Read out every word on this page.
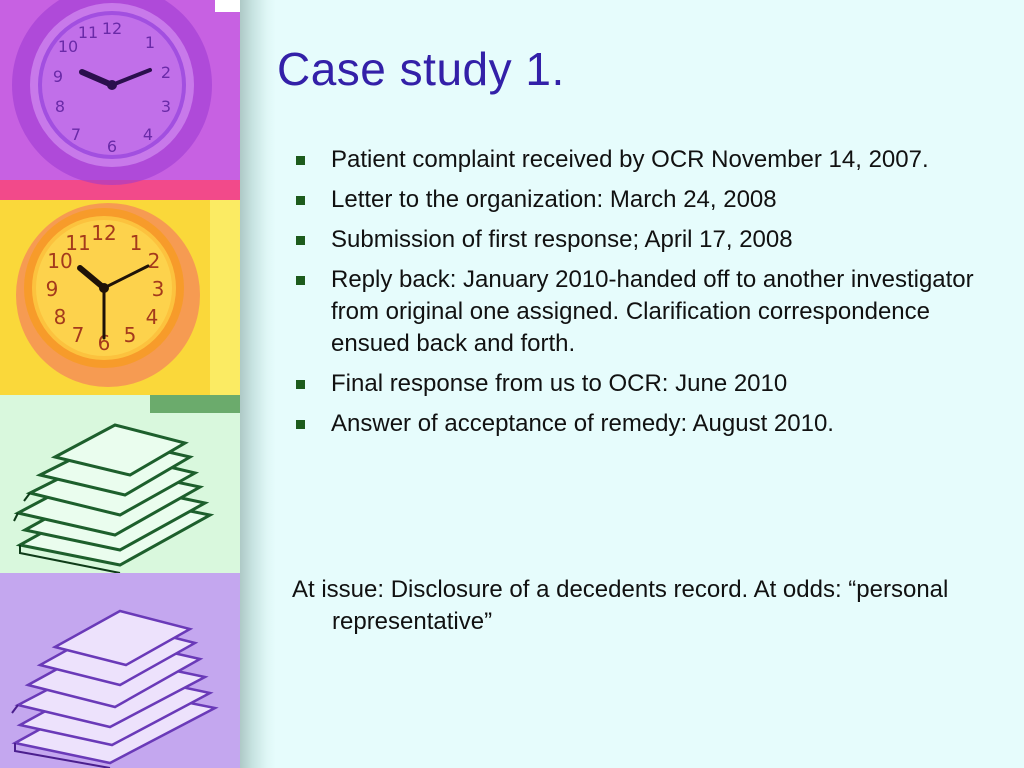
12
1
2
3
4
6
7
8
9
10
11
12 1
2
3
4
5
6
7
8
9
10
11
Case study 1.
Patient complaint received by OCR November 14, 2007.
Letter to the organization: March 24, 2008
Submission of first response; April 17, 2008
Reply back: January 2010-handed off to another investigator from original one assigned. Clarification correspondence ensued back and forth.
Final response from us to OCR: June 2010
Answer of acceptance of remedy: August 2010.

At issue: Disclosure of a decedents record. At odds: “personal representative”
